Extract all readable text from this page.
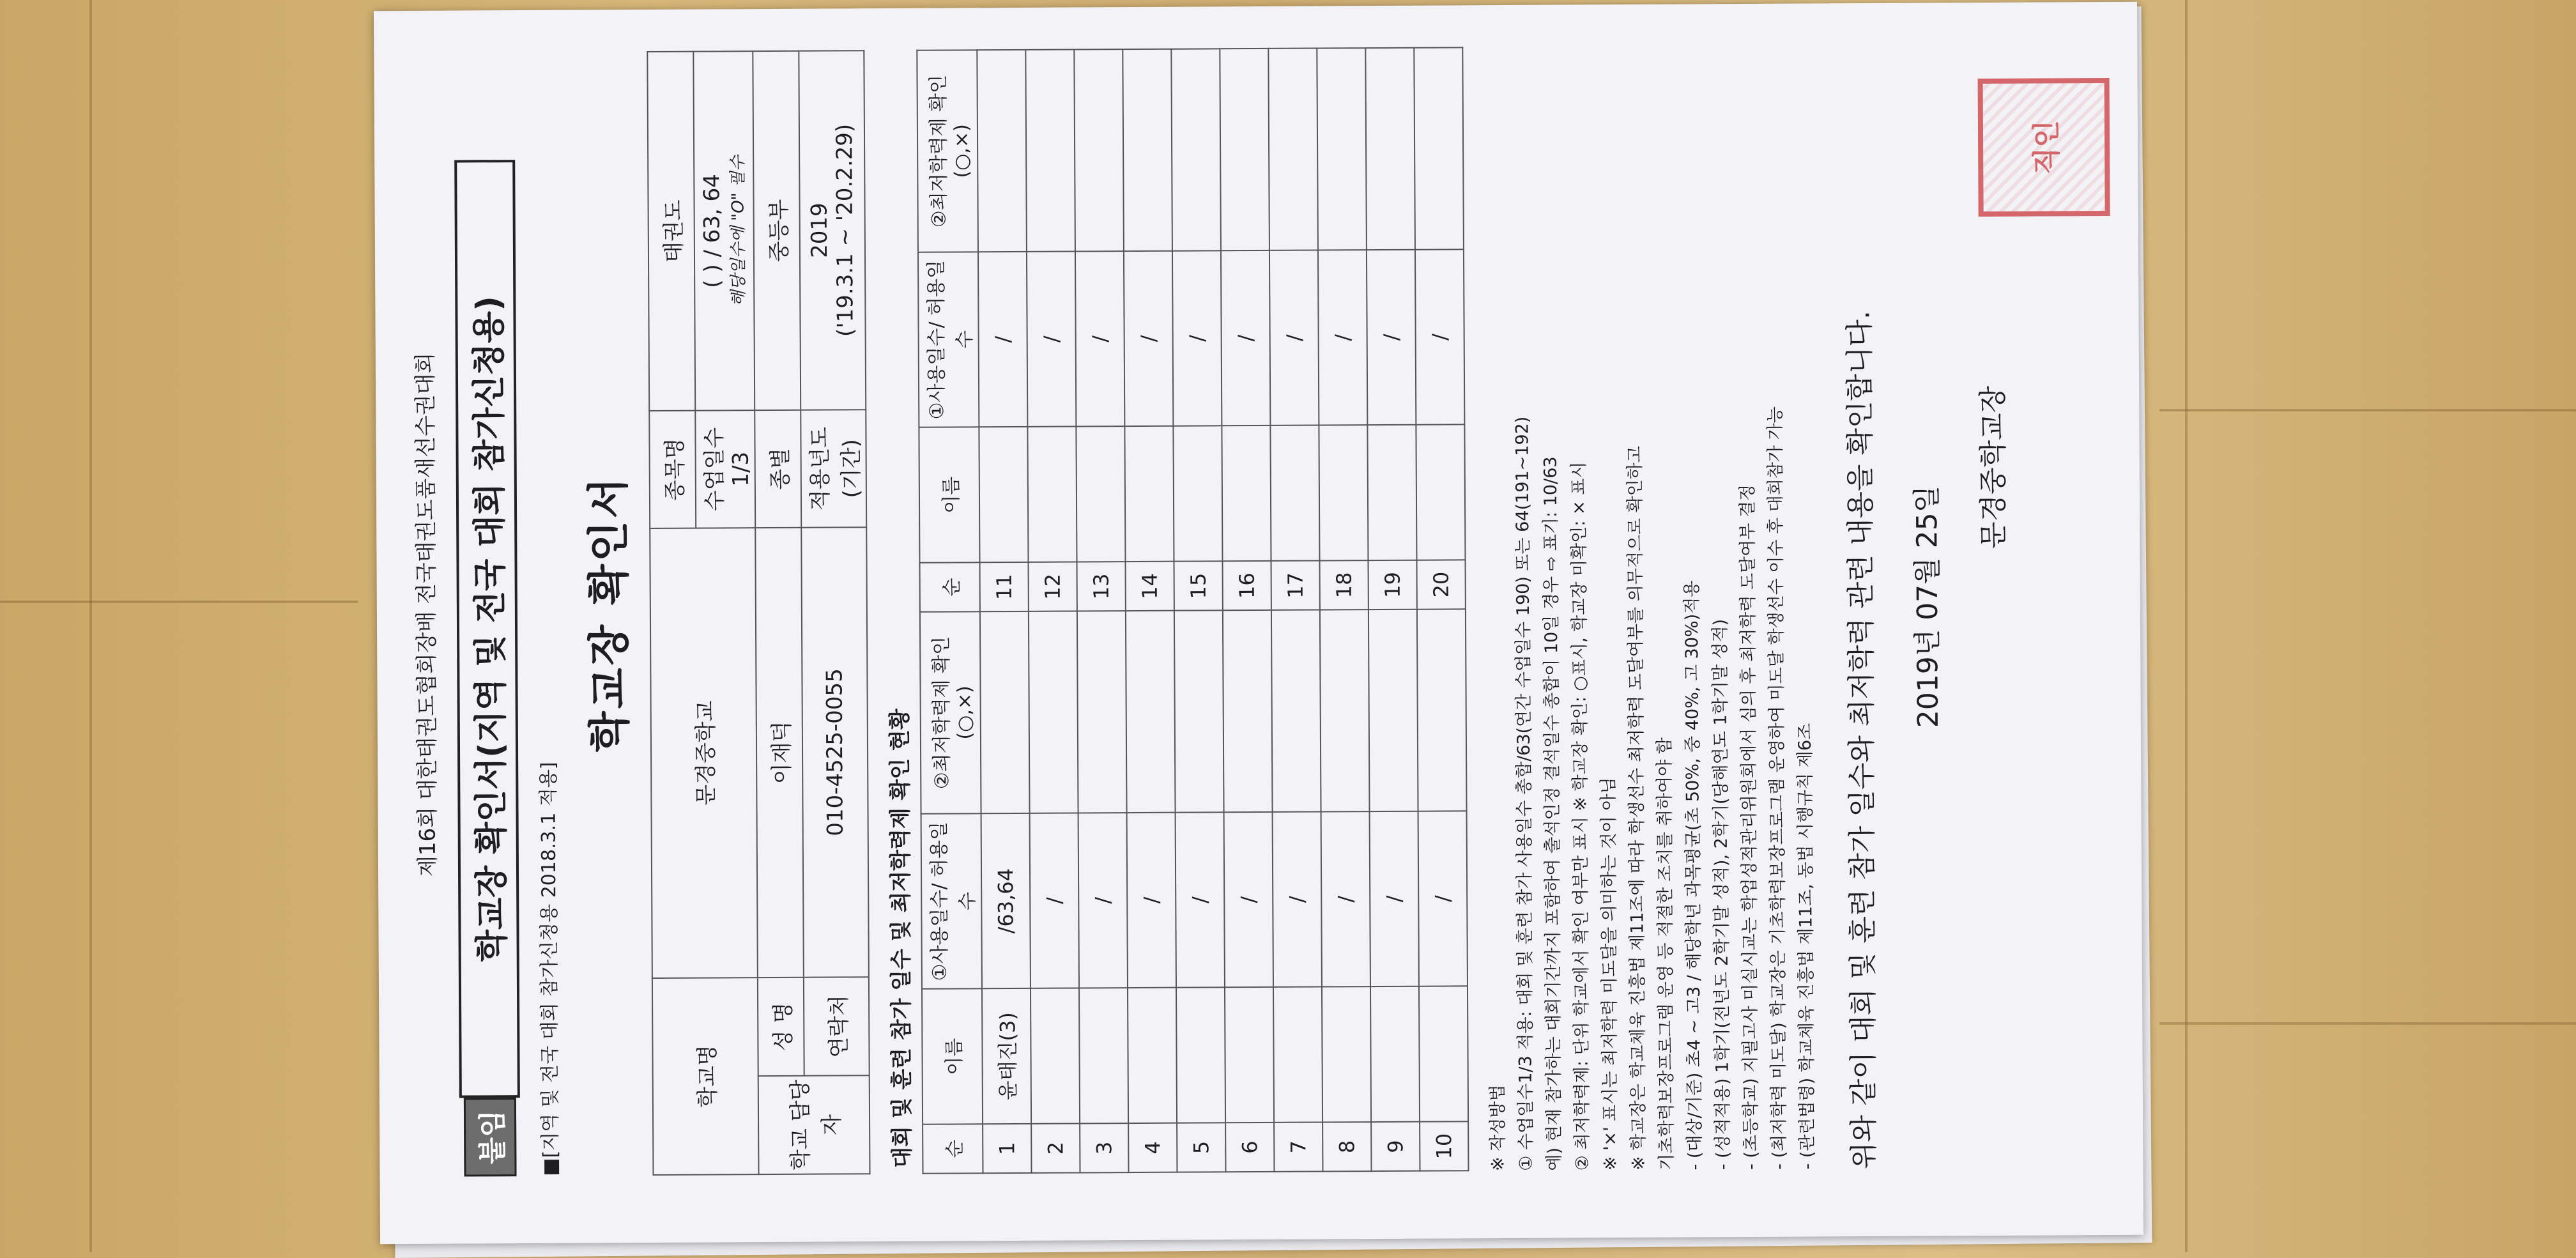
제16회 대한태권도협회장배 전국태권도품새선수권대회
붙임
학교장 확인서(지역 및 전국 대회 참가신청용)
■[지역 및 전국 대회 참가신청용 2018.3.1 적용]
학교장 확인서
학교명		문경중학교	종목명	태권도
			수업일수 1/3	( ) / 63, 64 해당일수에 "O" 필수

학교 담당자	성 명	이재덕	종별	중등부
	연락처	010-4525-0055	적용년도 (기간)	2019
('19.3.1 ~ '20.2.29)
대회 및 훈련 참가 일수 및 최저학력제 확인 현황 순	이름	①사용일수/ 허용일수	②최저학력제 확인(○,×)	순	이름	①사용일수/ 허용일수	②최저학력제 확인(○,×)
1	윤태진(3)	/63,64		11		/	
2		/		12		/	
3		/		13		/	
4		/		14		/	
5		/		15		/	
6		/		16		/	
7		/		17		/	
8		/		18		/	
9		/		19		/	
10		/		20		/	
※ 작성방법 ① 수업일수1/3 적용: 대회 및 훈련 참가 사용일수 총합/63(연간 수업일수 190) 또는 64(191~192) 예) 현재 참가하는 대회기간까지 포함하여 출석인정 결석일수 총합이 10일 경우 ⇨ 표기: 10/63 ② 최저학력제: 단위 학교에서 확인 여부만 표시 ※ 학교장 확인: ○표시, 학교장 미확인: × 표시 ※ '×' 표시는 최저학력 미도달을 의미하는 것이 아님 ※ 학교장은 학교체육 진흥법 제11조에 따라 학생선수 최저학력 도달여부를 의무적으로 확인하고 기초학력보장프로그램 운영 등 적절한 조치를 취하여야 함 - (대상/기준) 초4 ~ 고3 / 해당학년 과목평균(초 50%, 중 40%, 고 30%)적용 - (성적적용) 1학기(전년도 2학기말 성적), 2학기(당해연도 1학기말 성적) - (초등학교) 지필고사 미실시교는 학업성적관리위원회에서 심의 후 최저학력 도달여부 결정 - (최저학력 미도달) 학교장은 기초학력보장프로그램 운영하여 미도달 학생선수 이수 후 대회참가 가능 - (관련법령) 학교체육 진흥법 제11조, 동법 시행규칙 제6조 위와 같이 대회 및 훈련 참가 일수와 최저학력 관련 내용을 확인합니다.	2019년 07월 25일
문경중학교장
직인
